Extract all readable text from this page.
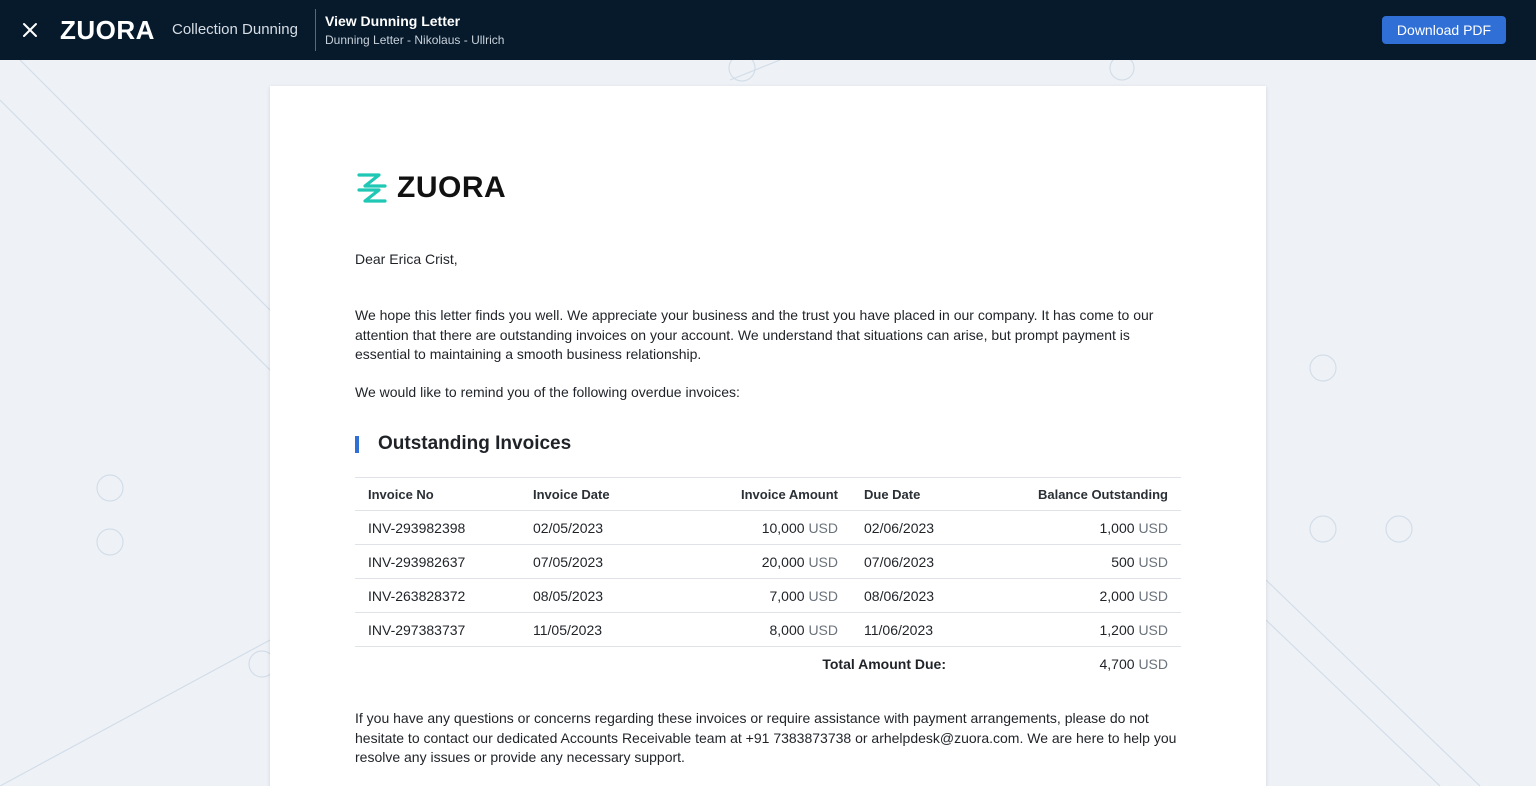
ZUORA Collection Dunning View Dunning Letter
Dunning Letter - Nikolaus - Ullrich
Download PDF
ZUORA
Dear Erica Crist,
We hope this letter finds you well. We appreciate your business and the trust you have placed in our company. It has come to our attention that there are outstanding invoices on your account. We understand that situations can arise, but prompt payment is essential to maintaining a smooth business relationship.
We would like to remind you of the following overdue invoices:
Outstanding Invoices
Invoice No	Invoice Date	Invoice Amount	Due Date	Balance Outstanding
INV-293982398	02/05/2023	10,000 USD	02/06/2023	1,000 USD
INV-293982637	07/05/2023	20,000 USD	07/06/2023	500 USD
INV-263828372	08/05/2023	7,000 USD	08/06/2023	2,000 USD
INV-297383737	11/05/2023	8,000 USD	11/06/2023	1,200 USD
Total Amount Due:	4,700 USD
If you have any questions or concerns regarding these invoices or require assistance with payment arrangements, please do not hesitate to contact our dedicated Accounts Receivable team at +91 7383873738 or arhelpdesk@zuora.com. We are here to help you resolve any issues or provide any necessary support.
